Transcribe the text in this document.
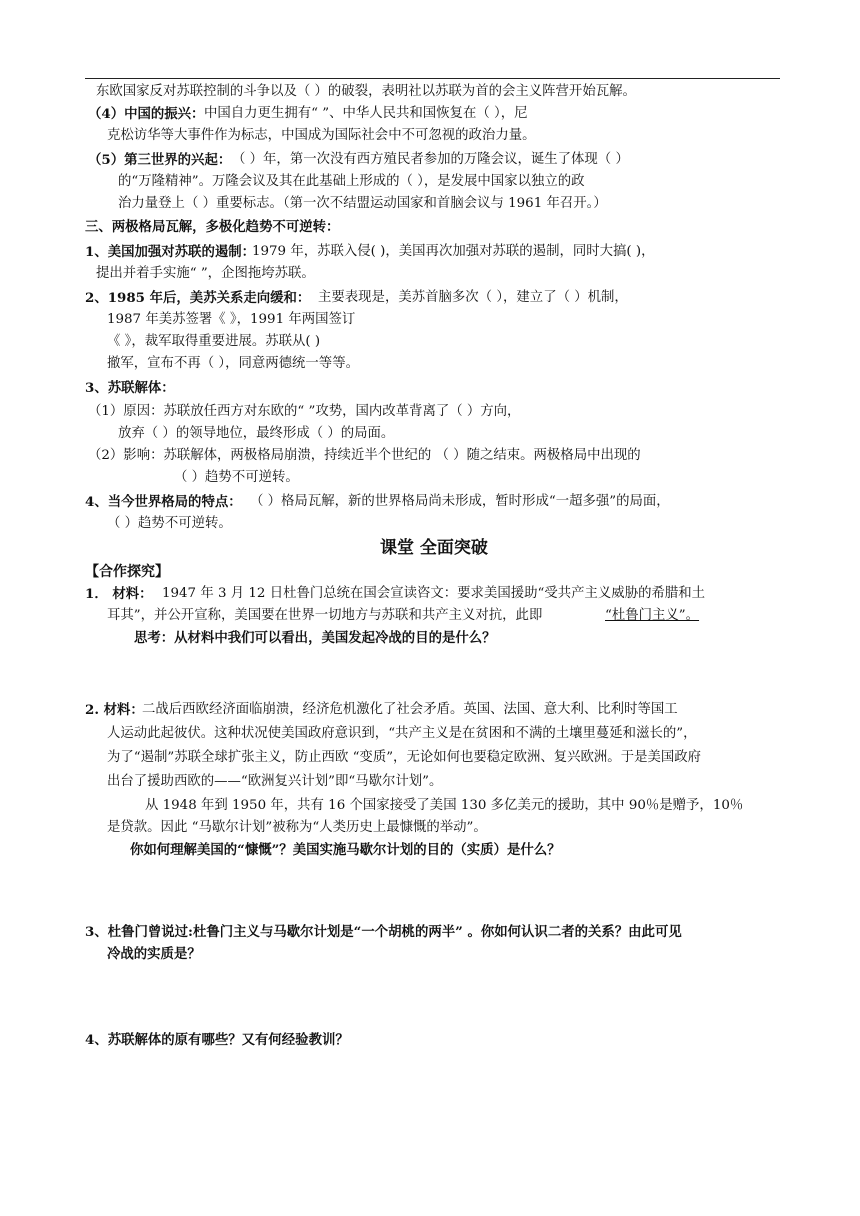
东欧国家反对苏联控制的斗争以及（ ）的破裂，表明社以苏联为首的会主义阵营开始瓦解。
（4）中国的振兴： 中国自力更生拥有“ ”、中华人民共和国恢复在（ ），尼
克松访华等大事件作为标志，中国成为国际社会中不可忽视的政治力量。
（5）第三世界的兴起： （ ）年，第一次没有西方殖民者参加的万隆会议，诞生了体现（ ）
的“万隆精神”。万隆会议及其在此基础上形成的（ ），是发展中国家以独立的政
治力量登上（ ）重要标志。（第一次不结盟运动国家和首脑会议与 1961 年召开。）
三、两极格局瓦解，多极化趋势不可逆转：
1、美国加强对苏联的遏制：
1979 年，苏联入侵( )，美国再次加强对苏联的遏制，同时大搞( )，
提出并着手实施“ ”，企图拖垮苏联。
2、1985 年后，美苏关系走向缓和： 主要表现是，美苏首脑多次（ ），建立了（ ）机制，
1987 年美苏签署《 》，1991 年两国签订
《 》，裁军取得重要进展。苏联从( )
撤军，宣布不再（ ），同意两德统一等等。
3、苏联解体：
（1）原因：苏联放任西方对东欧的“ ”攻势，国内改革背离了（ ）方向，
放弃（ ）的领导地位，最终形成（ ）的局面。
（2）影响：苏联解体，两极格局崩溃，持续近半个世纪的 （ ）随之结束。两极格局中出现的
（ ）趋势不可逆转。
4、当今世界格局的特点： （ ）格局瓦解，新的世界格局尚未形成，暂时形成“一超多强”的局面，
（ ）趋势不可逆转。
课堂 全面突破
【合作探究】
1． 材料： 1947 年 3 月 12 日杜鲁门总统在国会宣读咨文：要求美国援助“受共产主义威胁的希腊和土
耳其”，并公开宣称，美国要在世界一切地方与苏联和共产主义对抗，此即	“杜鲁门主义”。
思考：从材料中我们可以看出，美国发起冷战的目的是什么？
2. 材料：
二战后西欧经济面临崩溃，经济危机激化了社会矛盾。英国、法国、意大利、比利时等国工
人运动此起彼伏。这种状况使美国政府意识到，“共产主义是在贫困和不满的土壤里蔓延和滋长的”，
为了“遏制”苏联全球扩张主义，防止西欧 “变质”，无论如何也要稳定欧洲、复兴欧洲。于是美国政府
出台了援助西欧的——“欧洲复兴计划”即“马歇尔计划”。
从 1948 年到 1950 年，共有 16 个国家接受了美国 130 多亿美元的援助，其中 90％是赠予，10％
是贷款。因此 “马歇尔计划”被称为“人类历史上最慷慨的举动”。
你如何理解美国的“慷慨”？美国实施马歇尔计划的目的（实质）是什么？
3、杜鲁门曾说过:杜鲁门主义与马歇尔计划是“一个胡桃的两半” 。你如何认识二者的关系？由此可见
冷战的实质是？
4、苏联解体的原有哪些？又有何经验教训？
